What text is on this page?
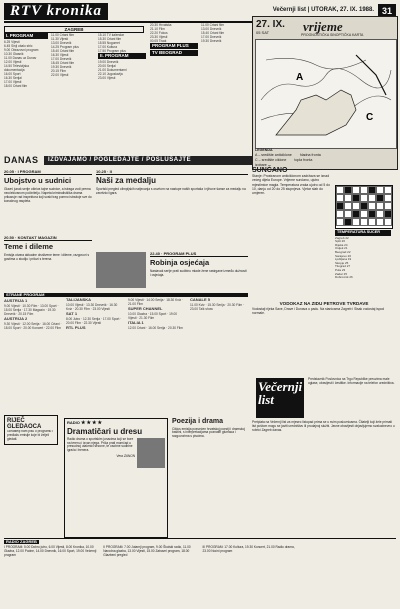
RTV kronika	Večernji list | UTORAK, 27. IX. 1988. 31
ZAGREB
I. PROGRAM
6.25 Vijesti
6.45 Sinji obalo stric
9.00 Obrazovni program
10.30 Glasnik
11.00 Danas uz Dunav
12.00 Vijesti
14.50 Televizijska dokumentacija
16.00 Sport
16.30 Serijal
17.00 Vijesti
18.00 Crtani film
11.00 Crtani film
11.30 Vijesti
13.00 Dnevnik
14.25 Program plus
15.40 Crtani film
16.30 Vijesti
17.00 Dnevnik
18.45 Crtani film
19.30 Dnevnik
20.15 Film
22.00 Vijesti
15.10 TV kalendar
15.30 Crtani film
15.55 Nogomet
17.00 Kultura
17.50 Program plus
II. PROGRAM
19.00 Dnevnik
20.00 Serijal
21.00 Dokumentarni
22.10 Jugoslavija
23.00 Vijesti
20.30 Hrvatska
21.10 Film
22.20 Fokus
23.30 Vijesti
00.05 Tisak
PROGRAM PLUS
TV BEOGRAD
11.00 Crtani film
13.00 Dnevnik
15.40 Crtani film
17.00 Dnevnik
19.30 Dnevnik
DANAS	IZDVAJAMO / POGLEDAJTE / POSLUŠAJTE
20.05 · I PROGRAM
Ubojstvo u sudnici

Glavni junak serije otkriva tajne sudnice, a istraga vodi prema neočekivanom počinitelju. Napeta kriminalistička drama prikazuje rad inspektora koji svaki trag pomno istražuje sve do konačnog raspleta.

20.50 · KONTAKT MAGAZIN
Teme i dileme

Emisija otvara aktualne društvene teme i dileme, razgovori s gostima u studiju i prilozi s terena.

10.25 · II
Naši za medalju

Sportski pregled olimpijskih natjecanja s osvrtom na nastupe naših sportaša i njihove šanse za medalju na završnici igara.

22.40 · PROGRAM PLUS
Robinja osjećaja

Nastavak serije prati sudbinu mlade žene rastrgane između dužnosti i osjećaja.

STRANE PROGRAM
AUSTRIJA 1
9.00 Vijesti · 10.30 Film · 13.00 Sport · 15.00 Serija · 17.30 Magazin · 19.30 Dnevnik · 20.15 Film
AUSTRIJA 2
9.30 Vijesti · 12.00 Serija · 16.00 Crtani · 18.00 Sport · 20.00 Koncert · 22.00 Film
TALIJANSKA
10.00 Vijesti · 13.30 Dnevnik · 16.30 Kviz · 20.30 Film · 23.00 Vijesti
SAT 1
8.00 Jutro · 12.30 Serija · 17.00 Sport · 20.00 Film · 22.30 Vijesti
RTL PLUS
9.00 Vijesti · 14.00 Serija · 18.30 Kviz · 21.00 Film
SUPER CHANNEL
10.00 Glazba · 15.00 Sport · 19.00 Vijesti · 21.30 Film
ITALIA 1
12.00 Crtani · 16.00 Serija · 20.30 Film
CANALE 5
11.00 Kviz · 15.30 Serija · 20.30 Film · 23.00 Talk show
27. IX.
05 SAT	vrijeme
PROGNOSTIČKA SINOPTIČKA KARTA
A
C
LEGENDA
A – središte anticiklone hladna fronta
C – središte ciklone topla fronta
izobare
SUNČANO

Stanje: Prostranom anticiklonom zadržava se iznad većeg dijela Europe. Vrijeme sunčano, ujutro mjestimice magla. Temperatura zraka ujutro od 5 do 10, danju od 20 do 25 stupnjeva. Vjetar slab do umjeren.

TEMPERATURA SUCER
Zagreb 22
Split 26
Rijeka 24
Osijek 21
Beograd 22
Sarajevo 20
Ljubljana 19
Skopje 25
Titograd 27
Pula 23
Zadar 25
Dubrovnik 26
VODOKAZ NA ZIDU PETROVE TVRDAVE

Vodostaji rijeka Save, Drave i Dunava u padu. Na stanicama Zagreb i Sisak vodostaj ispod normale.

Večernji list
Predstavnik Poslovnica na Trgu Republike preuzima male oglase, obavijesti i čestitke. Informacije na telefon uredništva.
Pretplata na Večernji list za mjesec listopad prima se u svim poslovnicama. Čitatelji koji žele primati list poštom mogu se javiti uredništvu ili prodajnoj službi. Javne obavijesti objavljujemo svakodnevno u rubrici Zagreb danas.
RIJEČ GLEDAOCA
Gledatelji nam pišu o programu i predlažu emisije koje bi željeli gledati.
RADIO ★★★★
Dramatičari u dresu

Radio drama o sportskim junacima koji se bore na terenu i izvan njega. Priča prati momčad u presudnoj utakmici sezone, te osobne sudbine igrača i trenera.

Vera ZANON

Poezija i drama

Ciklus emisija posvećen hrvatskoj poeziji i dramskoj baštini, s interpretacijama poznatih glumaca i razgovorima s piscima.

RADIO ZAGREB

I PROGRAM: 5.00 Dobro jutro, 6.00 Vijesti, 8.00 Kronika, 10.00 Glazba, 12.00 Podne, 14.00 Dnevnik, 16.00 Sport, 19.00 Večernji program

II PROGRAM: 7.00 Jutarnji program, 9.00 Školski radio, 11.00 Narodna glazba, 13.00 Vijesti, 15.00 Zabavni program, 18.00 Glazbeni pregled

III PROGRAM: 17.00 Kultura, 19.30 Koncert, 21.00 Radio drama, 23.00 Noćni program
